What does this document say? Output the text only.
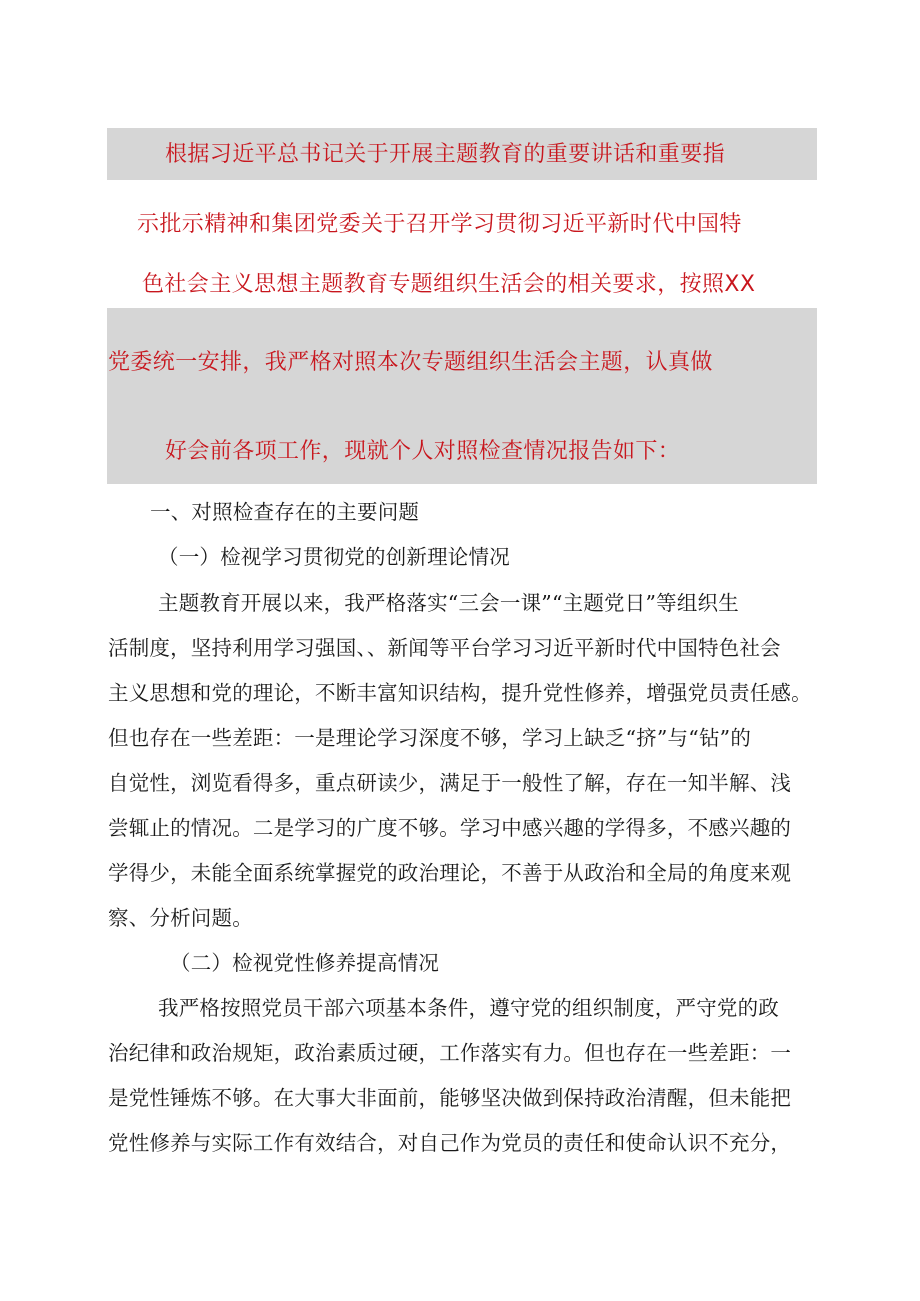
根据习近平总书记关于开展主题教育的重要讲话和重要指
示批示精神和集团党委关于召开学习贯彻习近平新时代中国特
色社会主义思想主题教育专题组织生活会的相关要求，按照XX
党委统一安排，我严格对照本次专题组织生活会主题，认真做
好会前各项工作，现就个人对照检查情况报告如下：
一、对照检查存在的主要问题
（一）检视学习贯彻党的创新理论情况
主题教育开展以来，我严格落实“三会一课”“主题党日”等组织生
活制度，坚持利用学习强国、、新闻等平台学习习近平新时代中国特色社会
主义思想和党的理论，不断丰富知识结构，提升党性修养，增强党员责任感。
但也存在一些差距：一是理论学习深度不够，学习上缺乏“挤”与“钻”的
自觉性，浏览看得多，重点研读少，满足于一般性了解，存在一知半解、浅
尝辄止的情况。二是学习的广度不够。学习中感兴趣的学得多，不感兴趣的
学得少，未能全面系统掌握党的政治理论，不善于从政治和全局的角度来观
察、分析问题。
（二）检视党性修养提高情况
我严格按照党员干部六项基本条件，遵守党的组织制度，严守党的政
治纪律和政治规矩，政治素质过硬，工作落实有力。但也存在一些差距：一
是党性锤炼不够。在大事大非面前，能够坚决做到保持政治清醒，但未能把
党性修养与实际工作有效结合，对自己作为党员的责任和使命认识不充分，
